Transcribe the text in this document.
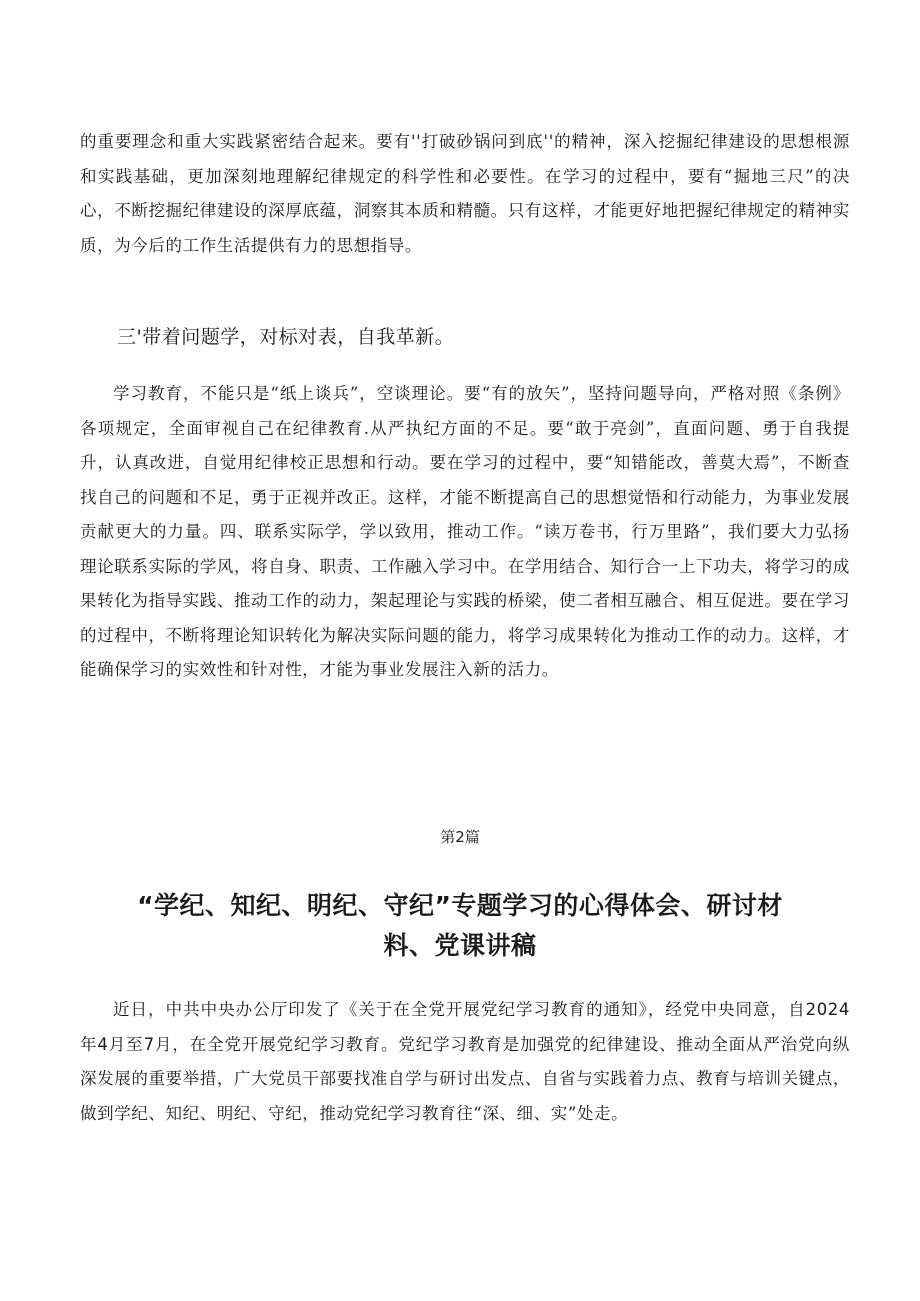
的重要理念和重大实践紧密结合起来。要有''打破砂锅问到底''的精神，深入挖掘纪律建设的思想根源和实践基础，更加深刻地理解纪律规定的科学性和必要性。在学习的过程中，要有“掘地三尺”的决心，不断挖掘纪律建设的深厚底蕴，洞察其本质和精髓。只有这样，才能更好地把握纪律规定的精神实质，为今后的工作生活提供有力的思想指导。

三'带着问题学，对标对表，自我革新。

学习教育，不能只是“纸上谈兵”，空谈理论。要“有的放矢”，坚持问题导向，严格对照《条例》各项规定，全面审视自己在纪律教育.从严执纪方面的不足。要“敢于亮剑”，直面问题、勇于自我提升，认真改进，自觉用纪律校正思想和行动。要在学习的过程中，要“知错能改，善莫大焉”，不断查找自己的问题和不足，勇于正视并改正。这样，才能不断提高自己的思想觉悟和行动能力，为事业发展贡献更大的力量。四、联系实际学，学以致用，推动工作。“读万卷书，行万里路”，我们要大力弘扬理论联系实际的学风，将自身、职责、工作融入学习中。在学用结合、知行合一上下功夫，将学习的成果转化为指导实践、推动工作的动力，架起理论与实践的桥梁，使二者相互融合、相互促进。要在学习的过程中，不断将理论知识转化为解决实际问题的能力，将学习成果转化为推动工作的动力。这样，才能确保学习的实效性和针对性，才能为事业发展注入新的活力。

第2篇

“学纪、知纪、明纪、守纪”专题学习的心得体会、研讨材
料、党课讲稿

近日，中共中央办公厅印发了《关于在全党开展党纪学习教育的通知》，经党中央同意，自2024年4月至7月，在全党开展党纪学习教育。党纪学习教育是加强党的纪律建设、推动全面从严治党向纵深发展的重要举措，广大党员干部要找准自学与研讨出发点、自省与实践着力点、教育与培训关键点，做到学纪、知纪、明纪、守纪，推动党纪学习教育往“深、细、实”处走。
